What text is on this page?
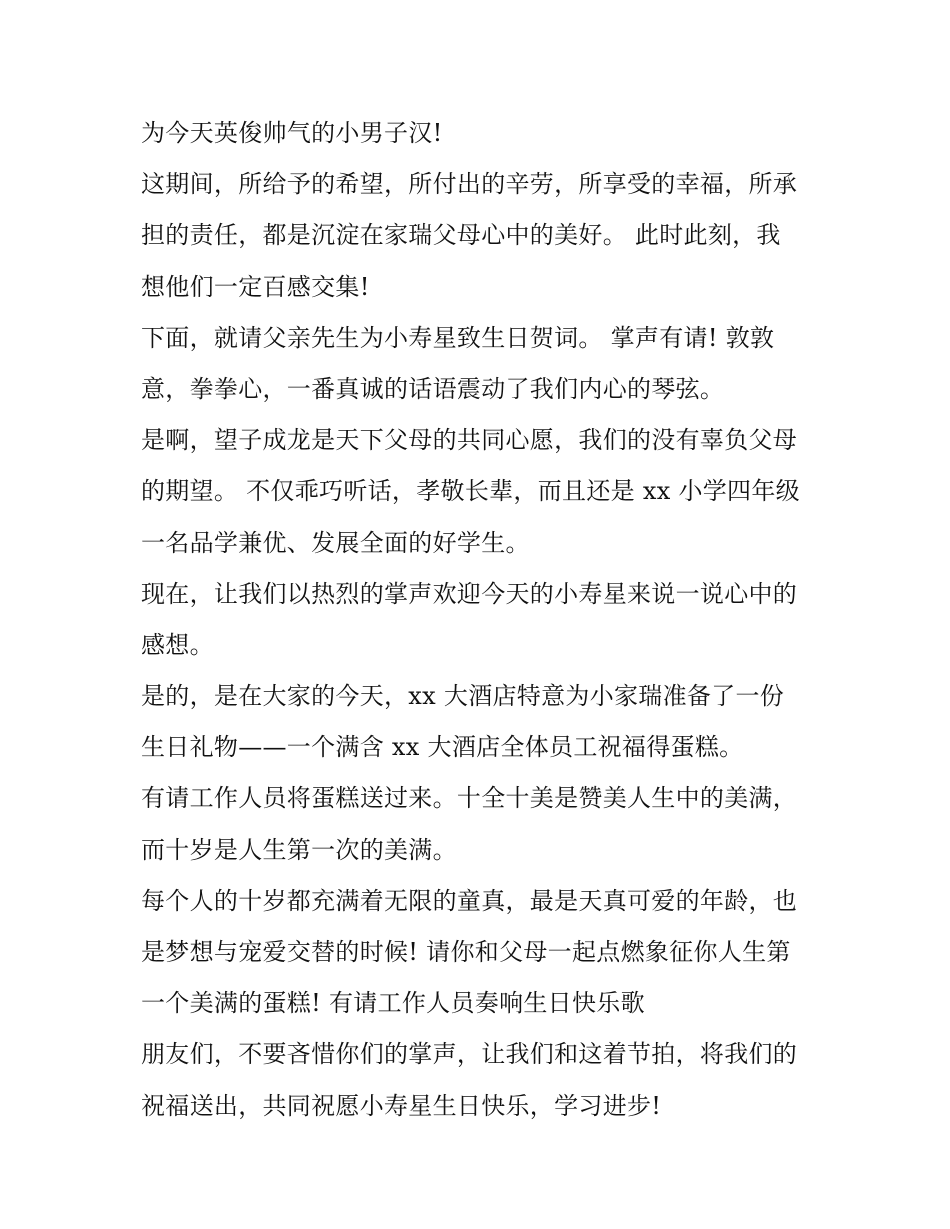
为今天英俊帅气的小男子汉!
这期间，所给予的希望，所付出的辛劳，所享受的幸福，所承
担的责任，都是沉淀在家瑞父母心中的美好。 此时此刻，我
想他们一定百感交集!
下面，就请父亲先生为小寿星致生日贺词。 掌声有请! 敦敦
意，拳拳心，一番真诚的话语震动了我们内心的琴弦。
是啊，望子成龙是天下父母的共同心愿，我们的没有辜负父母
的期望。 不仅乖巧听话，孝敬长辈，而且还是 xx 小学四年级
一名品学兼优、发展全面的好学生。
现在，让我们以热烈的掌声欢迎今天的小寿星来说一说心中的
感想。
是的，是在大家的今天，xx 大酒店特意为小家瑞准备了一份
生日礼物——一个满含 xx 大酒店全体员工祝福得蛋糕。
有请工作人员将蛋糕送过来。十全十美是赞美人生中的美满，
而十岁是人生第一次的美满。
每个人的十岁都充满着无限的童真，最是天真可爱的年龄，也
是梦想与宠爱交替的时候! 请你和父母一起点燃象征你人生第
一个美满的蛋糕! 有请工作人员奏响生日快乐歌
朋友们，不要吝惜你们的掌声，让我们和这着节拍，将我们的
祝福送出，共同祝愿小寿星生日快乐，学习进步!
